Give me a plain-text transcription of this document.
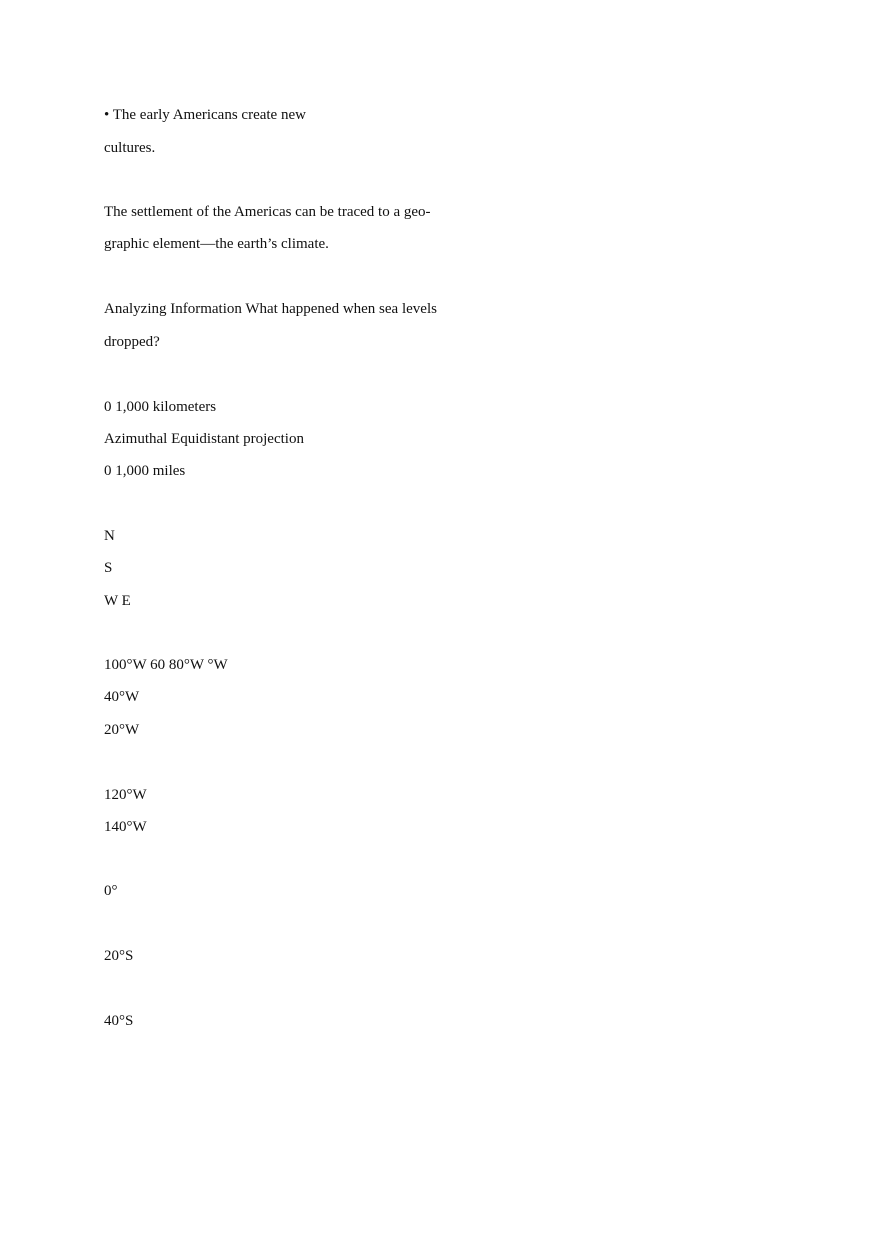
• The early Americans create new
cultures.
The settlement of the Americas can be traced to a geo-
graphic element—the earth’s climate.
Analyzing Information What happened when sea levels
dropped?
0 1,000 kilometers
Azimuthal Equidistant projection
0 1,000 miles
N
S
W E
100°W 60 80°W °W
40°W
20°W
120°W
140°W
0°
20°S
40°S
